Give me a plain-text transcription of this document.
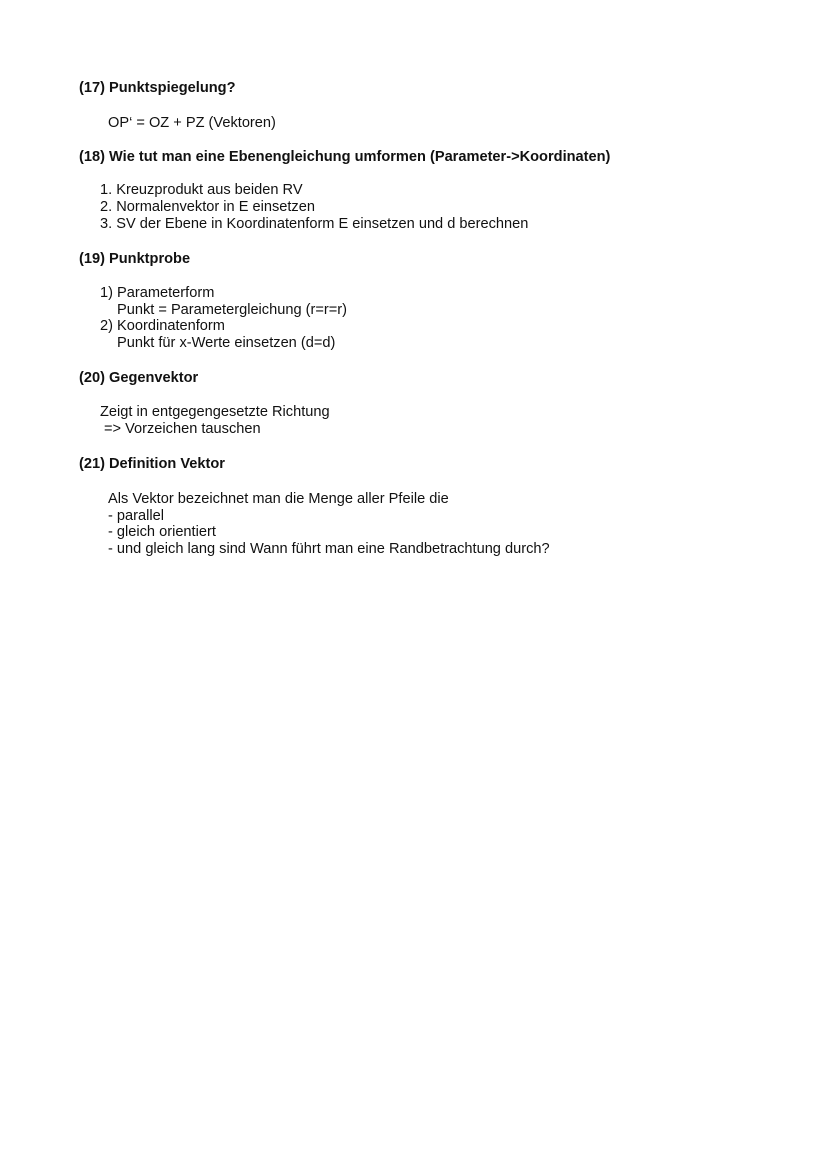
(17) Punktspiegelung?
OP‘ = OZ + PZ (Vektoren)
(18) Wie tut man eine Ebenengleichung umformen (Parameter->Koordinaten)
1. Kreuzprodukt aus beiden RV
2. Normalenvektor in E einsetzen
3. SV der Ebene in Koordinatenform E einsetzen und d berechnen
(19) Punktprobe
1) Parameterform
Punkt = Parametergleichung (r=r=r)
2) Koordinatenform
Punkt für x-Werte einsetzen (d=d)
(20) Gegenvektor
Zeigt in entgegengesetzte Richtung
=> Vorzeichen tauschen
(21) Definition Vektor
Als Vektor bezeichnet man die Menge aller Pfeile die
- parallel
- gleich orientiert
- und gleich lang sind Wann führt man eine Randbetrachtung durch?
